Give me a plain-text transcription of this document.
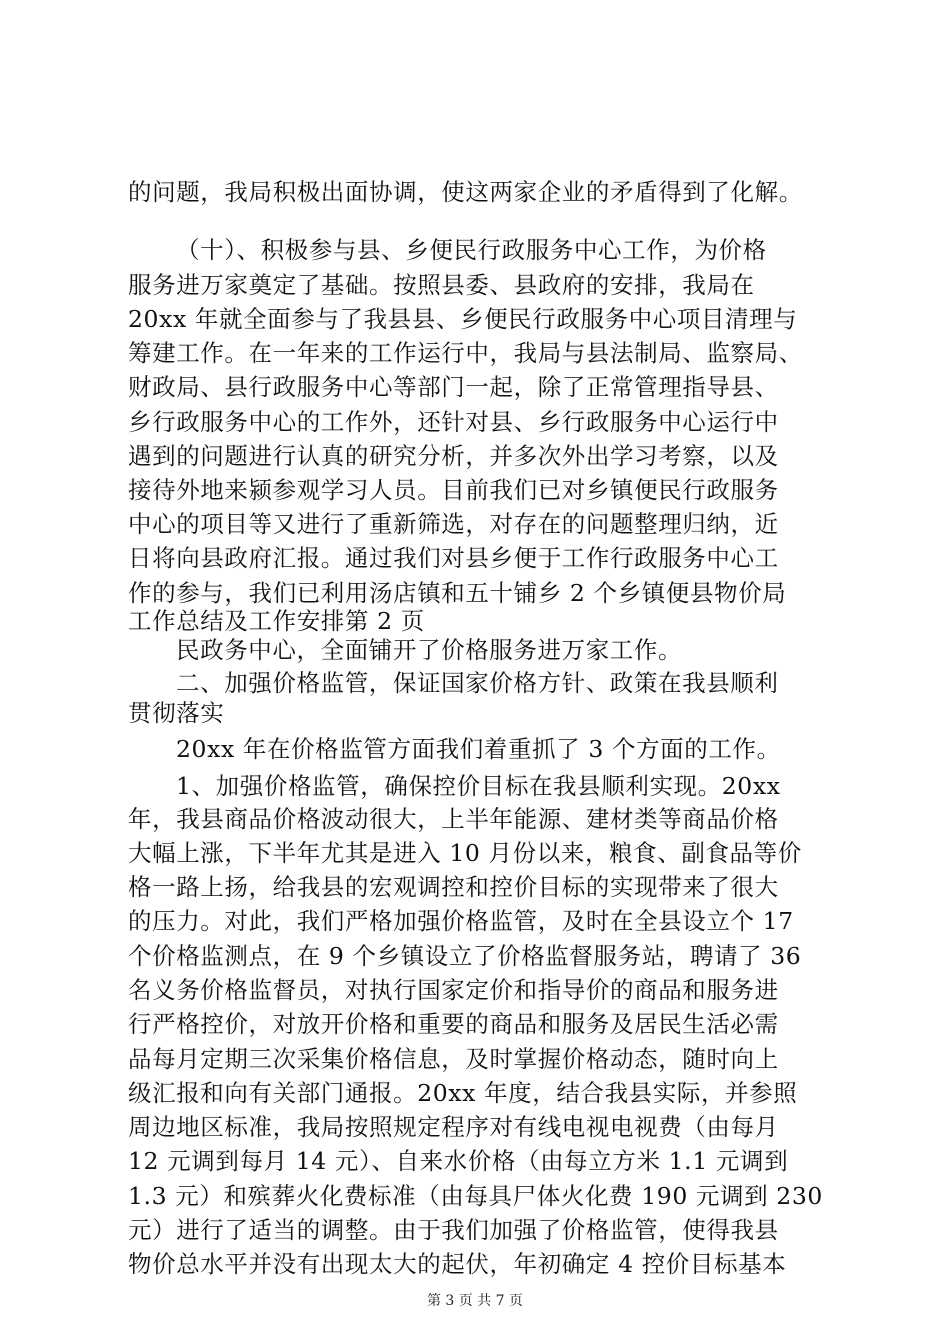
的问题，我局积极出面协调，使这两家企业的矛盾得到了化解。
（十）、积极参与县、乡便民行政服务中心工作，为价格
服务进万家奠定了基础。按照县委、县政府的安排，我局在
20xx 年就全面参与了我县县、乡便民行政服务中心项目清理与
筹建工作。在一年来的工作运行中，我局与县法制局、监察局、
财政局、县行政服务中心等部门一起，除了正常管理指导县、
乡行政服务中心的工作外，还针对县、乡行政服务中心运行中
遇到的问题进行认真的研究分析，并多次外出学习考察，以及
接待外地来颍参观学习人员。目前我们已对乡镇便民行政服务
中心的项目等又进行了重新筛选，对存在的问题整理归纳，近
日将向县政府汇报。通过我们对县乡便于工作行政服务中心工
作的参与，我们已利用汤店镇和五十铺乡 2 个乡镇便县物价局
工作总结及工作安排第 2 页
民政务中心，全面铺开了价格服务进万家工作。
二、加强价格监管，保证国家价格方针、政策在我县顺利
贯彻落实
20xx 年在价格监管方面我们着重抓了 3 个方面的工作。
1、加强价格监管，确保控价目标在我县顺利实现。20xx
年，我县商品价格波动很大，上半年能源、建材类等商品价格
大幅上涨，下半年尤其是进入 10 月份以来，粮食、副食品等价
格一路上扬，给我县的宏观调控和控价目标的实现带来了很大
的压力。对此，我们严格加强价格监管，及时在全县设立个 17
个价格监测点，在 9 个乡镇设立了价格监督服务站，聘请了 36
名义务价格监督员，对执行国家定价和指导价的商品和服务进
行严格控价，对放开价格和重要的商品和服务及居民生活必需
品每月定期三次采集价格信息，及时掌握价格动态，随时向上
级汇报和向有关部门通报。20xx 年度，结合我县实际，并参照
周边地区标准，我局按照规定程序对有线电视电视费（由每月
12 元调到每月 14 元）、自来水价格（由每立方米 1.1 元调到
1.3 元）和殡葬火化费标准（由每具尸体火化费 190 元调到 230
元）进行了适当的调整。由于我们加强了价格监管，使得我县
物价总水平并没有出现太大的起伏，年初确定 4 控价目标基本
第 3 页 共 7 页
